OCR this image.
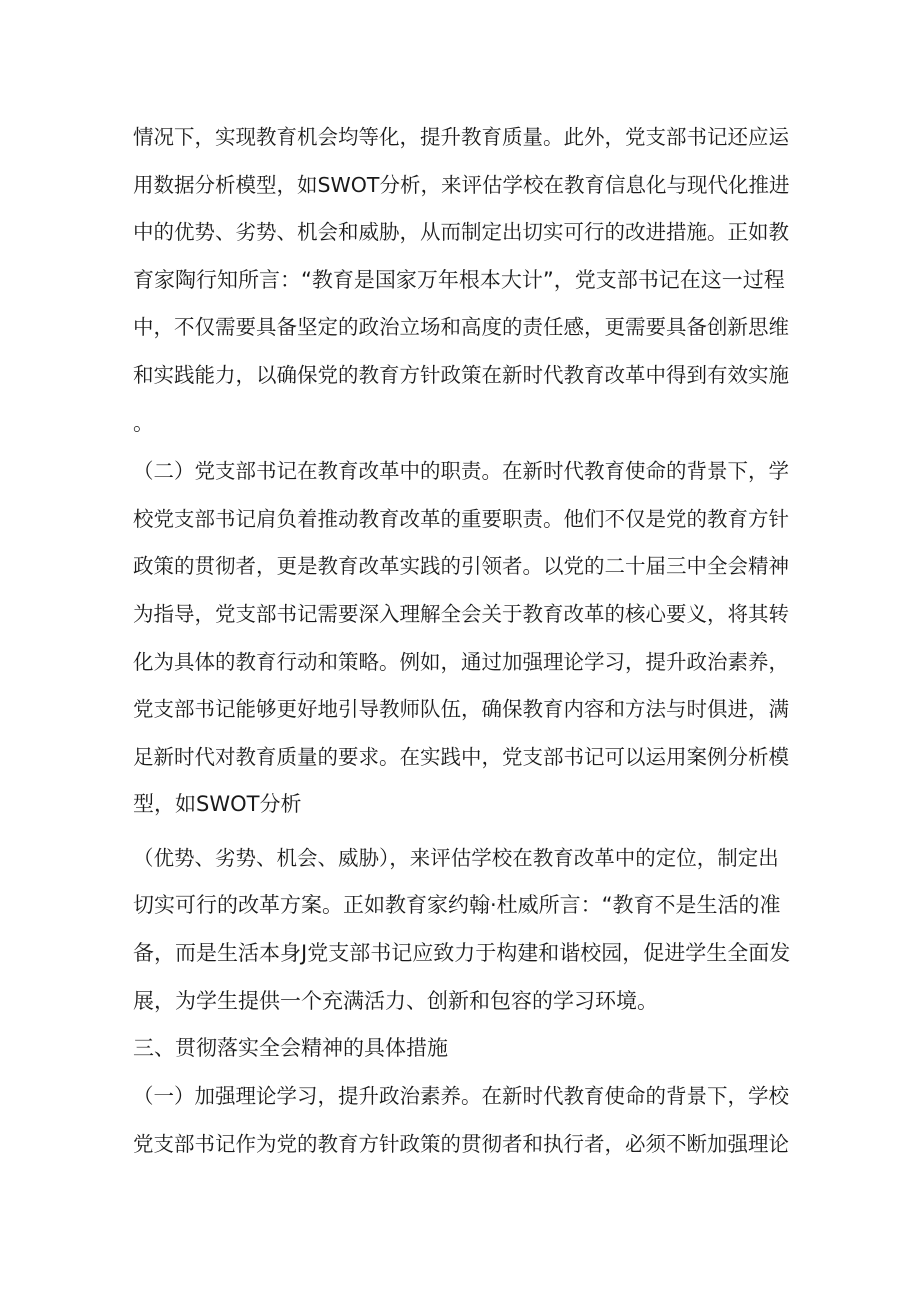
情况下，实现教育机会均等化，提升教育质量。此外，党支部书记还应运
用数据分析模型，如SWOT分析，来评估学校在教育信息化与现代化推进
中的优势、劣势、机会和威胁，从而制定出切实可行的改进措施。正如教
育家陶行知所言：“教育是国家万年根本大计”，党支部书记在这一过程
中，不仅需要具备坚定的政治立场和高度的责任感，更需要具备创新思维
和实践能力，以确保党的教育方针政策在新时代教育改革中得到有效实施
。
（二）党支部书记在教育改革中的职责。在新时代教育使命的背景下，学
校党支部书记肩负着推动教育改革的重要职责。他们不仅是党的教育方针
政策的贯彻者，更是教育改革实践的引领者。以党的二十届三中全会精神
为指导，党支部书记需要深入理解全会关于教育改革的核心要义，将其转
化为具体的教育行动和策略。例如，通过加强理论学习，提升政治素养，
党支部书记能够更好地引导教师队伍，确保教育内容和方法与时俱进，满
足新时代对教育质量的要求。在实践中，党支部书记可以运用案例分析模
型，如SWOT分析
（优势、劣势、机会、威胁），来评估学校在教育改革中的定位，制定出
切实可行的改革方案。正如教育家约翰·杜威所言：“教育不是生活的准
备，而是生活本身J党支部书记应致力于构建和谐校园，促进学生全面发
展，为学生提供一个充满活力、创新和包容的学习环境。
三、贯彻落实全会精神的具体措施
（一）加强理论学习，提升政治素养。在新时代教育使命的背景下，学校
党支部书记作为党的教育方针政策的贯彻者和执行者，必须不断加强理论
